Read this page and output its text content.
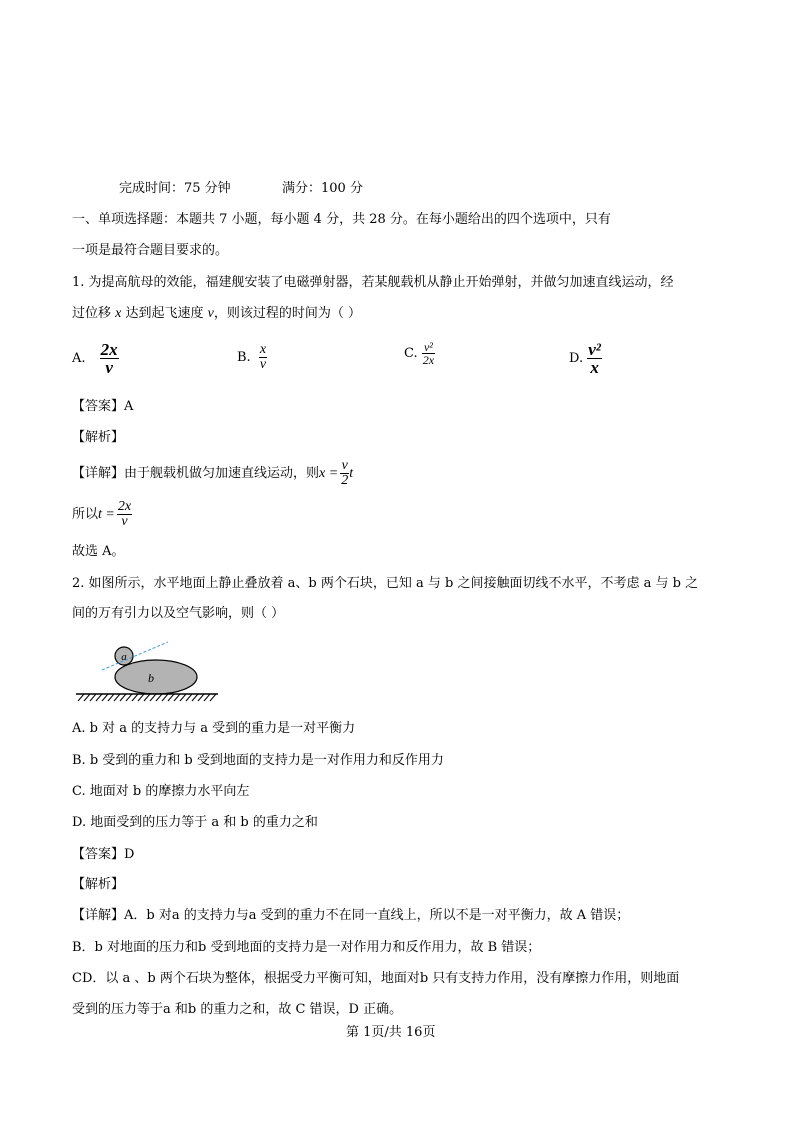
完成时间：75 分钟	满分：100 分
一、单项选择题：本题共 7 小题，每小题 4 分，共 28 分。在每小题给出的四个选项中，只有
一项是最符合题目要求的。
1. 为提高航母的效能，福建舰安装了电磁弹射器，若某舰载机从静止开始弹射，并做匀加速直线运动，经
过位移 x 达到起飞速度 v，则该过程的时间为（ ）
A. $\frac{2x}{v}$	B. $\frac{x}{v}$	C. $\frac{\text{v²}}{2x}$	D. $\frac{\text{v²}}{x}$
【答案】A
【解析】
【详解】由于舰载机做匀加速直线运动，则$x = \frac{v}{2}$ t
所以$t = \frac{2x}{v}$
故选 A。
2. 如图所示，水平地面上静止叠放着 a、b 两个石块，已知 a 与 b 之间接触面切线不水平，不考虑 a 与 b 之
间的万有引力以及空气影响，则（ ）
a
b
A. b 对 a 的支持力与 a 受到的重力是一对平衡力
B. b 受到的重力和 b 受到地面的支持力是一对作用力和反作用力
C. 地面对 b 的摩擦力水平向左
D. 地面受到的压力等于 a 和 b 的重力之和
【答案】D
【解析】
【详解】A．b 对a 的支持力与a 受到的重力不在同一直线上，所以不是一对平衡力，故 A 错误；
B．b 对地面的压力和b 受到地面的支持力是一对作用力和反作用力，故 B 错误；
CD．以 a 、b 两个石块为整体，根据受力平衡可知，地面对b 只有支持力作用，没有摩擦力作用，则地面
受到的压力等于a 和b 的重力之和，故 C 错误，D 正确。
第 1页/共 16页
